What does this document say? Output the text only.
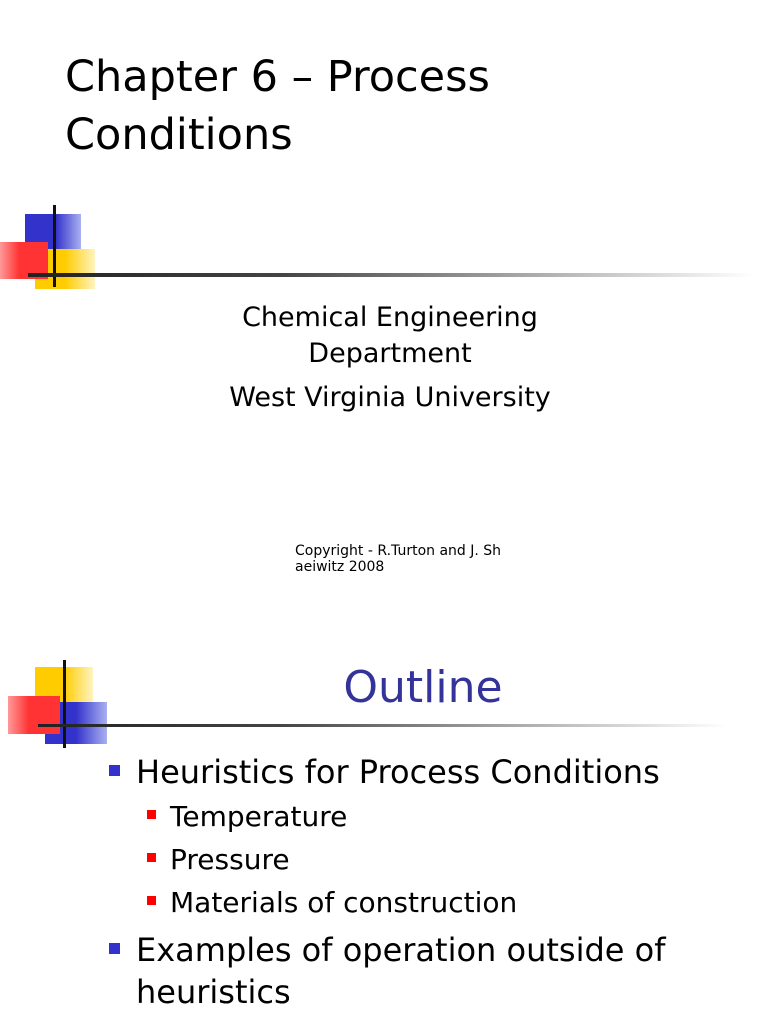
Chapter 6 – Process
Conditions
Chemical Engineering
Department
West Virginia University
Copyright - R.Turton and J. Sh
aeiwitz 2008
Outline
Heuristics for Process Conditions
Temperature
Pressure
Materials of construction
Examples of operation outside of
heuristics
